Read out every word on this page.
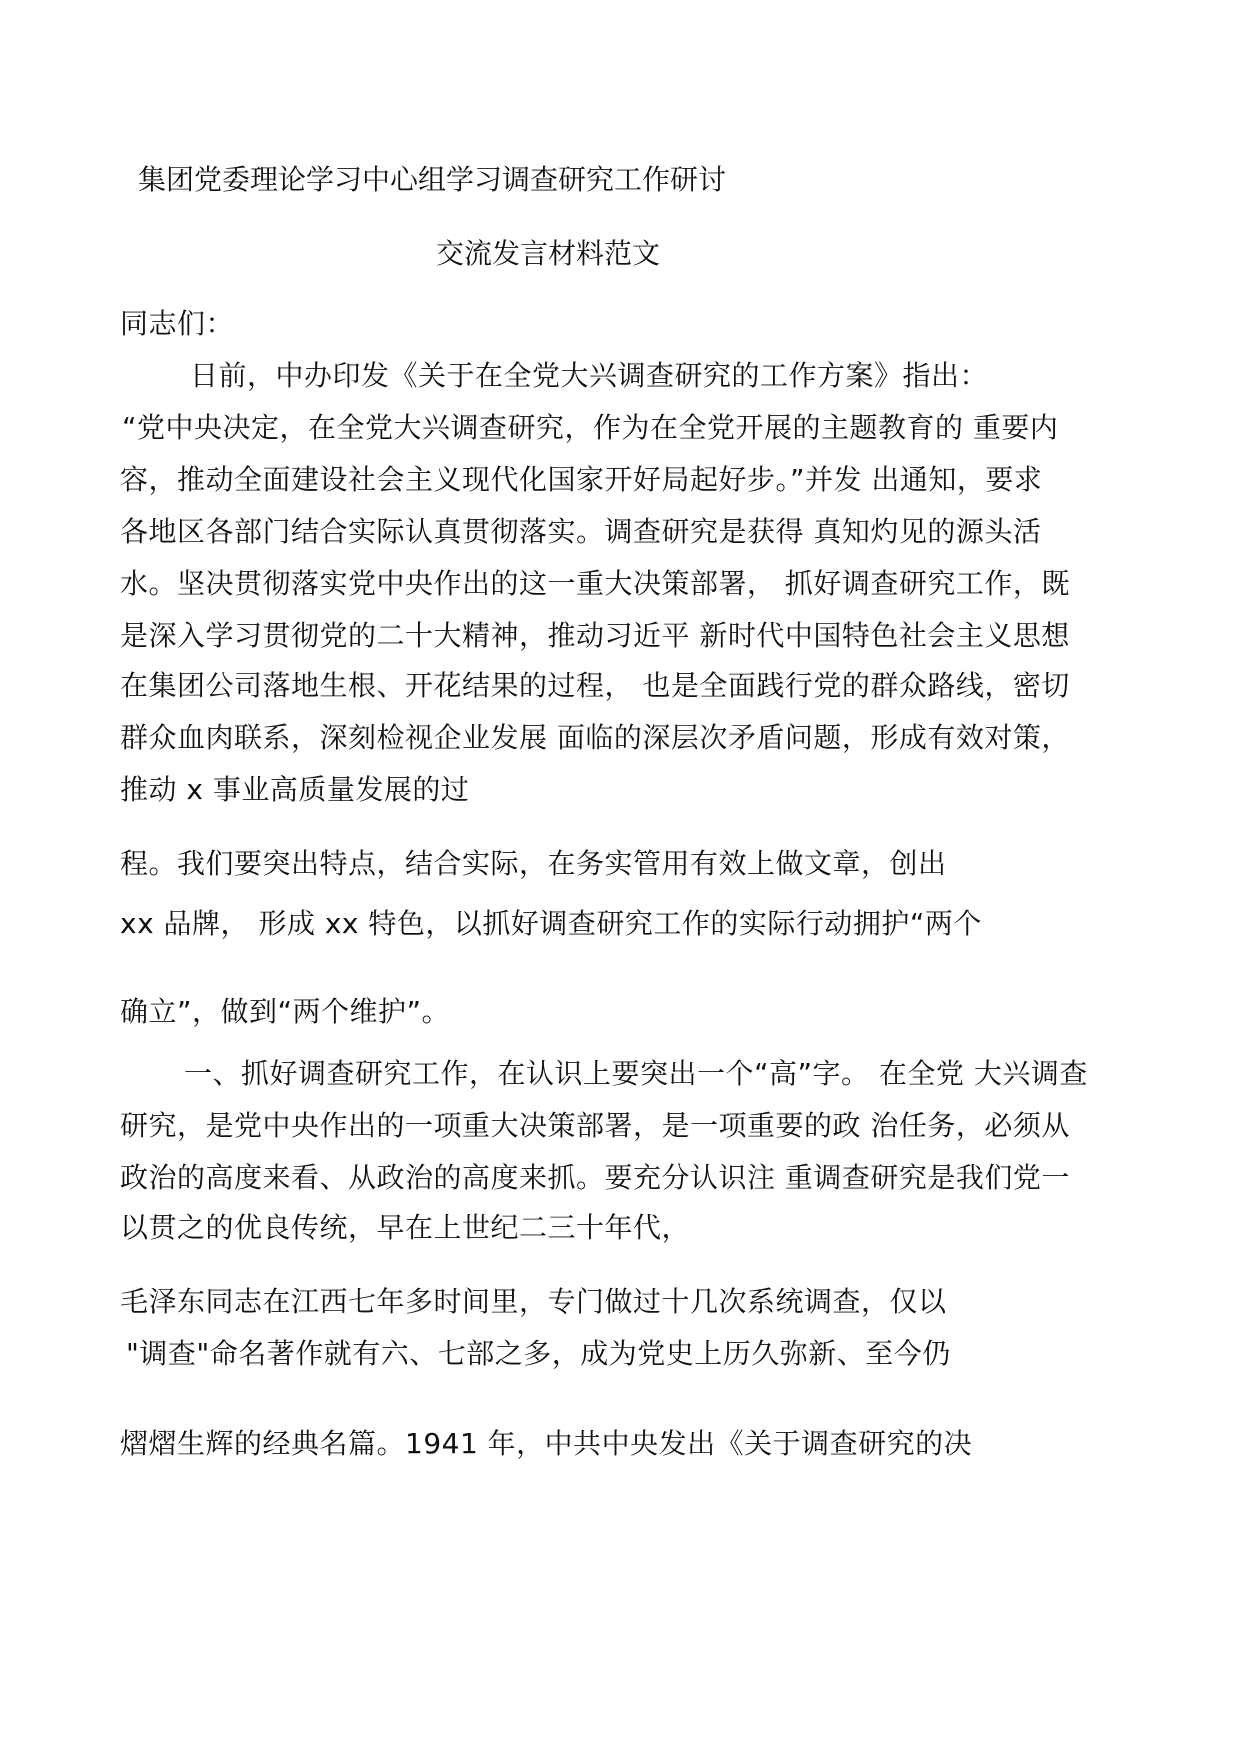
集团党委理论学习中心组学习调查研究工作研讨
交流发言材料范文
同志们：
日前，中办印发《关于在全党大兴调查研究的工作方案》指出：
“党中央决定，在全党大兴调查研究，作为在全党开展的主题教育的 重要内
容，推动全面建设社会主义现代化国家开好局起好步。”并发 出通知，要求
各地区各部门结合实际认真贯彻落实。调查研究是获得 真知灼见的源头活
水。坚决贯彻落实党中央作出的这一重大决策部署， 抓好调查研究工作，既
是深入学习贯彻党的二十大精神，推动习近平 新时代中国特色社会主义思想
在集团公司落地生根、开花结果的过程， 也是全面践行党的群众路线，密切
群众血肉联系，深刻检视企业发展 面临的深层次矛盾问题，形成有效对策，
推动 x 事业高质量发展的过
程。我们要突出特点，结合实际，在务实管用有效上做文章，创出
xx 品牌， 形成 xx 特色，以抓好调查研究工作的实际行动拥护“两个
确立”，做到“两个维护”。
一、抓好调查研究工作，在认识上要突出一个“高”字。 在全党 大兴调查
研究，是党中央作出的一项重大决策部署，是一项重要的政 治任务，必须从
政治的高度来看、从政治的高度来抓。要充分认识注 重调查研究是我们党一
以贯之的优良传统，早在上世纪二三十年代，
毛泽东同志在江西七年多时间里，专门做过十几次系统调查，仅以
"调查"命名著作就有六、七部之多，成为党史上历久弥新、至今仍
熠熠生辉的经典名篇。1941 年，中共中央发出《关于调查研究的决
